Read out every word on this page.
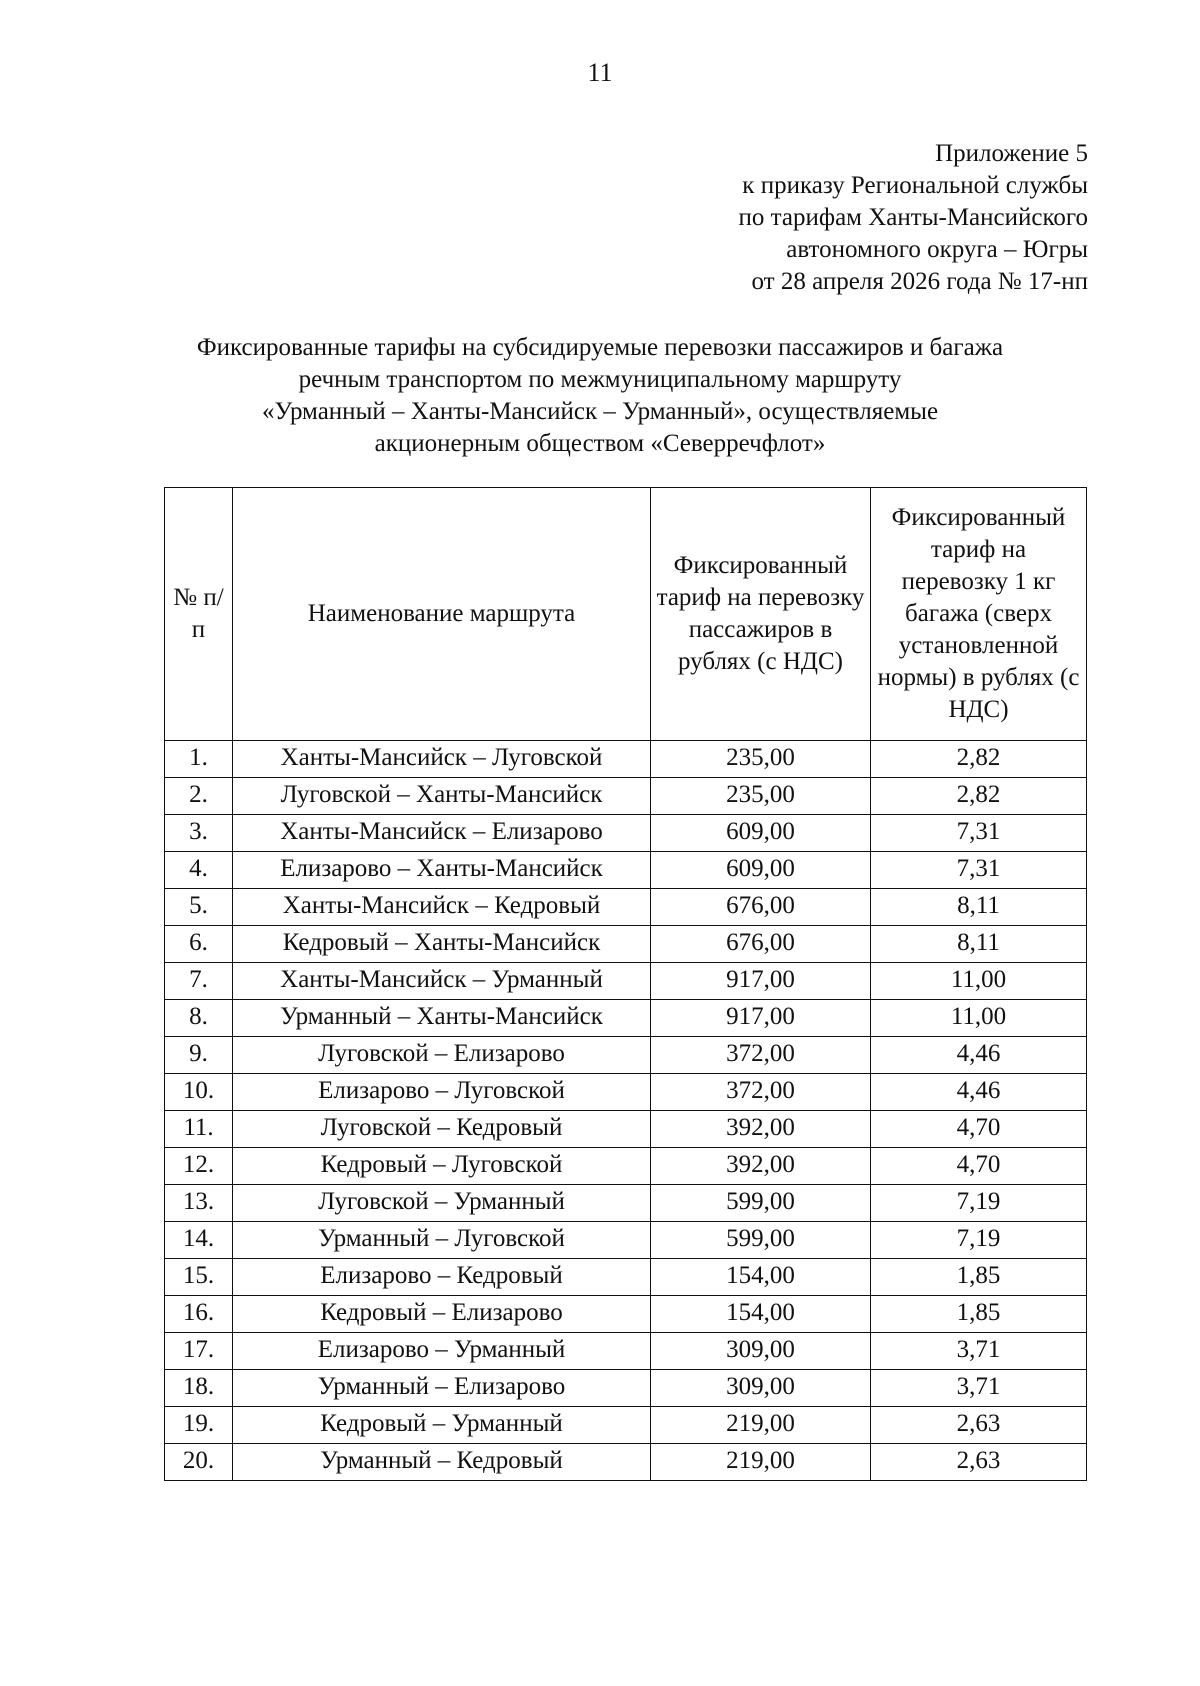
11
Приложение 5
к приказу Региональной службы
по тарифам Ханты-Мансийского
автономного округа – Югры
от 28 апреля 2026 года № 17-нп
Фиксированные тарифы на субсидируемые перевозки пассажиров и багажа
речным транспортом по межмуниципальному маршруту
«Урманный – Ханты-Мансийск – Урманный», осуществляемые
акционерным обществом «Северречфлот»
№ п/п	Наименование маршрута	Фиксированный тариф на перевозку пассажиров в рублях (с НДС)	Фиксированный тариф на перевозку 1 кг багажа (сверх установленной нормы) в рублях (с НДС)
1.	Ханты-Мансийск – Луговской	235,00	2,82
2.	Луговской – Ханты-Мансийск	235,00	2,82
3.	Ханты-Мансийск – Елизарово	609,00	7,31
4.	Елизарово – Ханты-Мансийск	609,00	7,31
5.	Ханты-Мансийск – Кедровый	676,00	8,11
6.	Кедровый – Ханты-Мансийск	676,00	8,11
7.	Ханты-Мансийск – Урманный	917,00	11,00
8.	Урманный – Ханты-Мансийск	917,00	11,00
9.	Луговской – Елизарово	372,00	4,46
10.	Елизарово – Луговской	372,00	4,46
11.	Луговской – Кедровый	392,00	4,70
12.	Кедровый – Луговской	392,00	4,70
13.	Луговской – Урманный	599,00	7,19
14.	Урманный – Луговской	599,00	7,19
15.	Елизарово – Кедровый	154,00	1,85
16.	Кедровый – Елизарово	154,00	1,85
17.	Елизарово – Урманный	309,00	3,71
18.	Урманный – Елизарово	309,00	3,71
19.	Кедровый – Урманный	219,00	2,63
20.	Урманный – Кедровый	219,00	2,63
